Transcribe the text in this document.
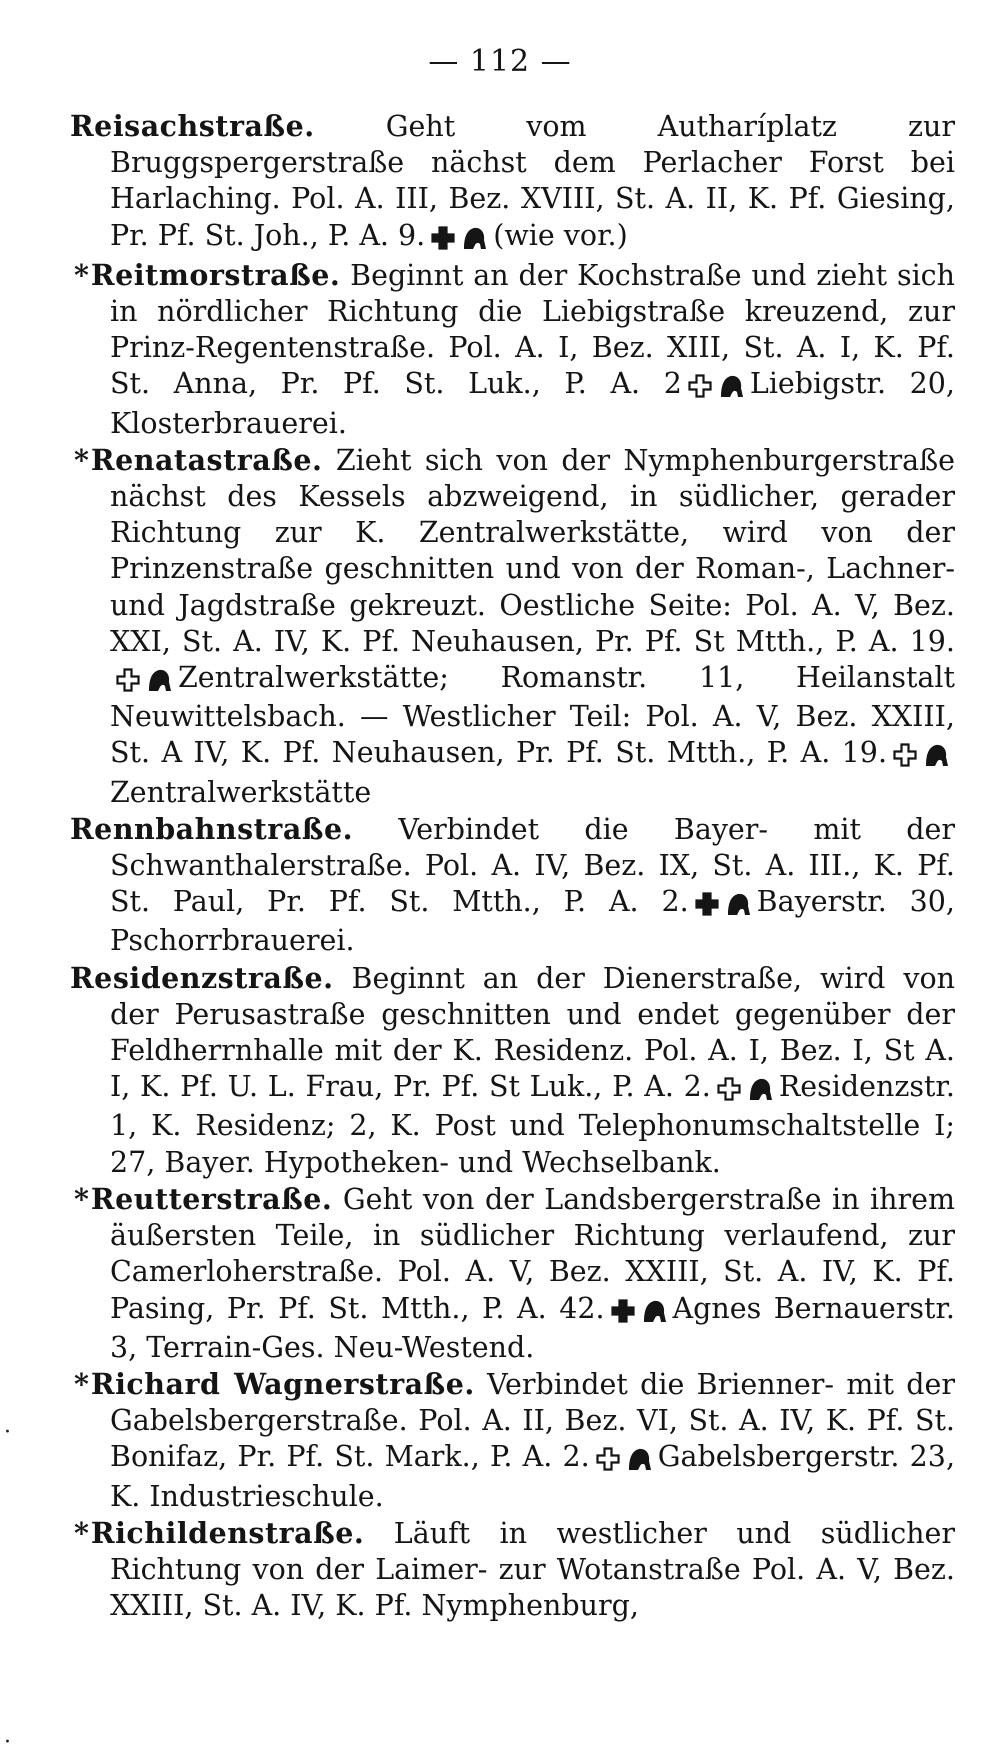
— 112 —

Reisachstraße. Geht vom Autharíplatz zur Bruggspergerstraße nächst dem Perlacher Forst bei Harlaching. Pol. A. III, Bez. XVIII, St. A. II, K. Pf. Giesing, Pr. Pf. St. Joh., P. A. 9. (wie vor.)

*Reitmorstraße. Beginnt an der Kochstraße und zieht sich in nördlicher Richtung die Liebigstraße kreuzend, zur Prinz-Regentenstraße. Pol. A. I, Bez. XIII, St. A. I, K. Pf. St. Anna, Pr. Pf. St. Luk., P. A. 2 Liebigstr. 20, Klosterbrauerei.

*Renatastraße. Zieht sich von der Nymphenburgerstraße nächst des Kessels abzweigend, in südlicher, gerader Richtung zur K. Zentralwerkstätte, wird von der Prinzenstraße geschnitten und von der Roman-, Lachner- und Jagdstraße gekreuzt. Oestliche Seite: Pol. A. V, Bez. XXI, St. A. IV, K. Pf. Neuhausen, Pr. Pf. St Mtth., P. A. 19.Zentralwerkstätte; Romanstr. 11, Heilanstalt Neuwittelsbach. — Westlicher Teil: Pol. A. V, Bez. XXIII, St. A IV, K. Pf. Neuhausen, Pr. Pf. St. Mtth., P. A. 19.Zentralwerkstätte

Rennbahnstraße. Verbindet die Bayer- mit der Schwanthalerstraße. Pol. A. IV, Bez. IX, St. A. III., K. Pf. St. Paul, Pr. Pf. St. Mtth., P. A. 2. Bayerstr. 30, Pschorrbrauerei.

Residenzstraße. Beginnt an der Dienerstraße, wird von der Perusastraße geschnitten und endet gegenüber der Feldherrnhalle mit der K. Residenz. Pol. A. I, Bez. I, St A. I, K. Pf. U. L. Frau, Pr. Pf. St Luk., P. A. 2. Residenzstr. 1, K. Residenz; 2, K. Post und Telephonumschaltstelle I; 27, Bayer. Hypotheken- und Wechselbank.

*Reutterstraße. Geht von der Landsbergerstraße in ihrem äußersten Teile, in südlicher Richtung verlaufend, zur Camerloherstraße. Pol. A. V, Bez. XXIII, St. A. IV, K. Pf. Pasing, Pr. Pf. St. Mtth., P. A. 42. Agnes Bernauerstr. 3, Terrain-Ges. Neu-Westend.

*Richard Wagnerstraße. Verbindet die Brienner- mit der Gabelsbergerstraße. Pol. A. II, Bez. VI, St. A. IV, K. Pf. St. Bonifaz, Pr. Pf. St. Mark., P. A. 2. Gabelsbergerstr. 23, K. Industrieschule.

*Richildenstraße. Läuft in westlicher und südlicher Richtung von der Laimer- zur Wotanstraße Pol. A. V, Bez. XXIII, St. A. IV, K. Pf. Nymphenburg,

·
·
